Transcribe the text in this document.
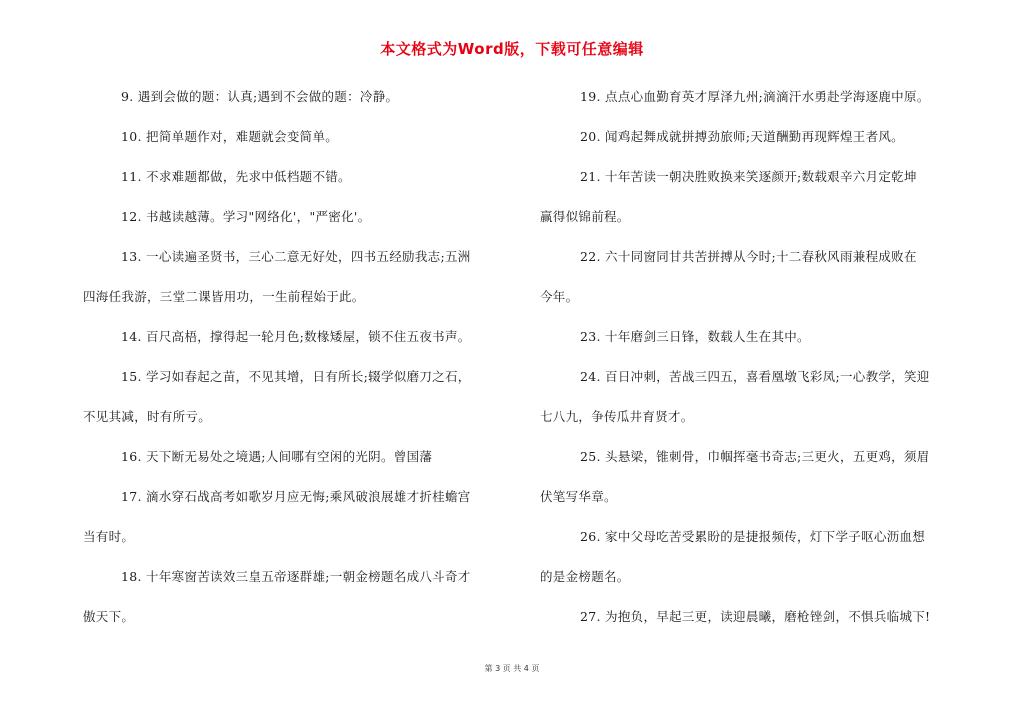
本文格式为Word版，下载可任意编辑
9. 遇到会做的题：认真;遇到不会做的题：冷静。
10. 把简单题作对，难题就会变简单。
11. 不求难题都做，先求中低档题不错。
12. 书越读越薄。学习"网络化'，"严密化'。
13. 一心读遍圣贤书，三心二意无好处，四书五经励我志;五洲
四海任我游，三堂二课皆用功，一生前程始于此。
14. 百尺高梧，撑得起一轮月色;数椽矮屋，锁不住五夜书声。
15. 学习如春起之苗，不见其增，日有所长;辍学似磨刀之石，
不见其减，时有所亏。
16. 天下断无易处之境遇;人间哪有空闲的光阴。曾国藩
17. 滴水穿石战高考如歌岁月应无悔;乘风破浪展雄才折桂蟾宫
当有时。
18. 十年寒窗苦读效三皇五帝逐群雄;一朝金榜题名成八斗奇才
傲天下。
19. 点点心血勤育英才厚泽九州;滴滴汗水勇赴学海逐鹿中原。
20. 闻鸡起舞成就拼搏劲旅师;天道酬勤再现辉煌王者风。
21. 十年苦读一朝决胜败换来笑逐颜开;数载艰辛六月定乾坤
赢得似锦前程。
22. 六十同窗同甘共苦拼搏从今时;十二春秋风雨兼程成败在
今年。
23. 十年磨剑三日锋，数载人生在其中。
24. 百日冲刺，苦战三四五，喜看凰墩飞彩凤;一心教学，笑迎
七八九，争传瓜井育贤才。
25. 头悬梁，锥刺骨，巾帼挥毫书奇志;三更火，五更鸡，须眉
伏笔写华章。
26. 家中父母吃苦受累盼的是捷报频传，灯下学子呕心沥血想
的是金榜题名。
27. 为抱负，早起三更，读迎晨曦，磨枪锉剑，不惧兵临城下!
第 3 页 共 4 页
